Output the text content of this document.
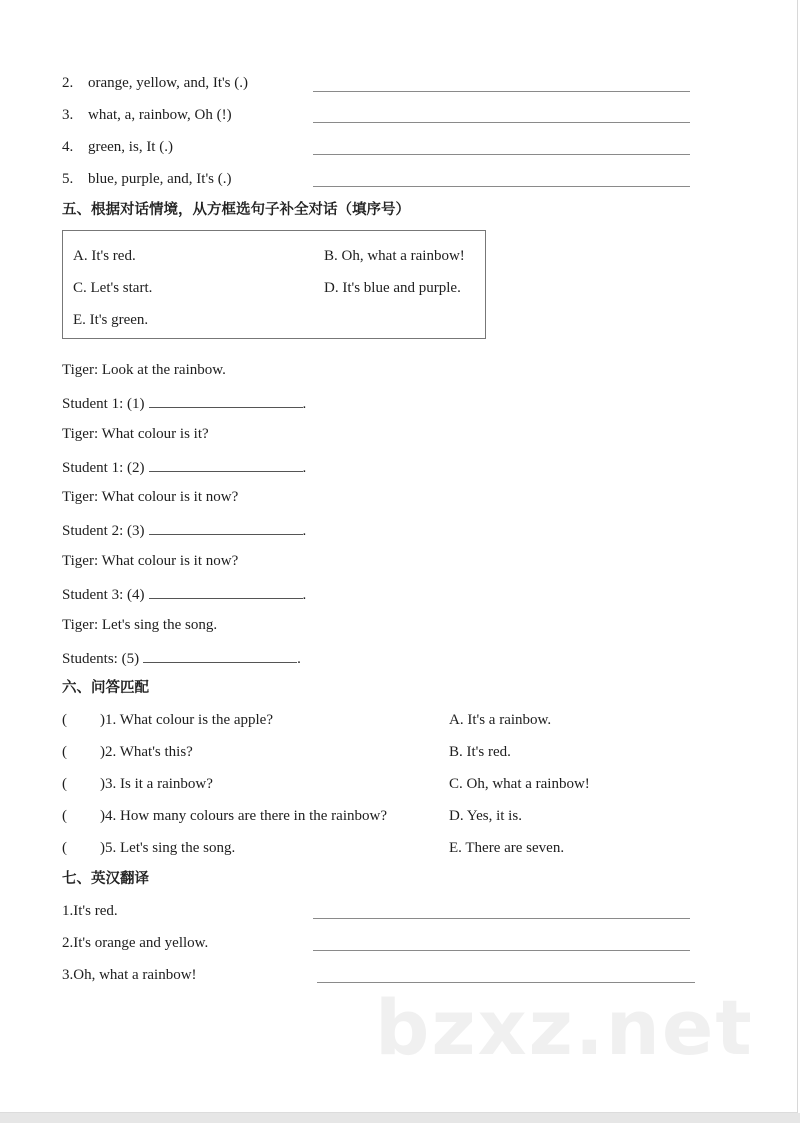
2. orange, yellow, and, It's (.)
3. what, a, rainbow, Oh (!)
4. green, is, It (.)
5. blue, purple, and, It's (.)
五、根据对话情境，从方框选句子补全对话（填序号）
A. It's red.	B. Oh, what a rainbow!
C. Let's start.	D. It's blue and purple.
E. It's green.
Tiger: Look at the rainbow.
Student 1: (1)	.
Tiger: What colour is it?
Student 1: (2)	.
Tiger: What colour is it now?
Student 2: (3)	.
Tiger: What colour is it now?
Student 3: (4)	.
Tiger: Let's sing the song.
Students: (5)	.
六、问答匹配
( )1. What colour is the apple?	A. It's a rainbow.
( )2. What's this?	B. It's red.
( )3. Is it a rainbow?	C. Oh, what a rainbow!
( )4. How many colours are there in the rainbow?	D. Yes, it is.
( )5. Let's sing the song.	E. There are seven.
七、英汉翻译
1.It's red.
2.It's orange and yellow.
3.Oh, what a rainbow!
bzxz.net
